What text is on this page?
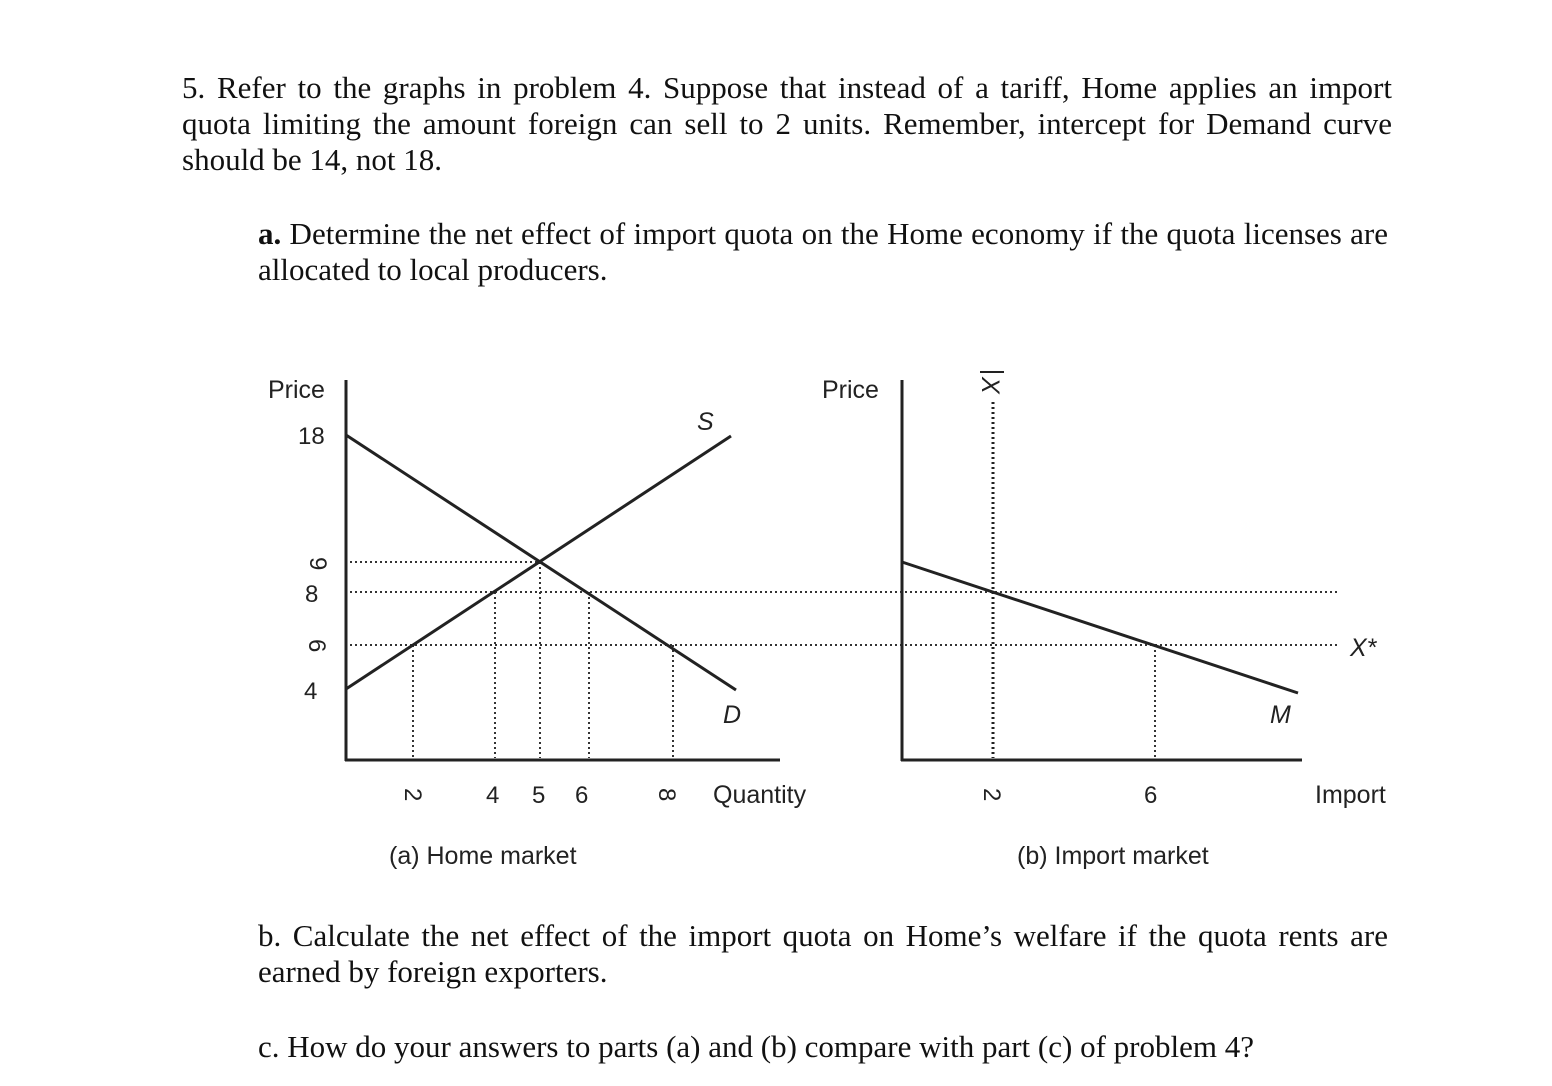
5. Refer to the graphs in problem 4. Suppose that instead of a tariff, Home applies an import quota limiting the amount foreign can sell to 2 units. Remember, intercept for Demand curve should be 14, not 18.
a. Determine the net effect of import quota on the Home economy if the quota licenses are allocated to local producers.
Price
18
9
8
6
4
2	4 5 6	8 Quantity
S
D
(a) Home market
Price	X
2	6	Import
M
X*
(b) Import market
b. Calculate the net effect of the import quota on Home’s welfare if the quota rents are earned by foreign exporters.
c. How do your answers to parts (a) and (b) compare with part (c) of problem 4?
